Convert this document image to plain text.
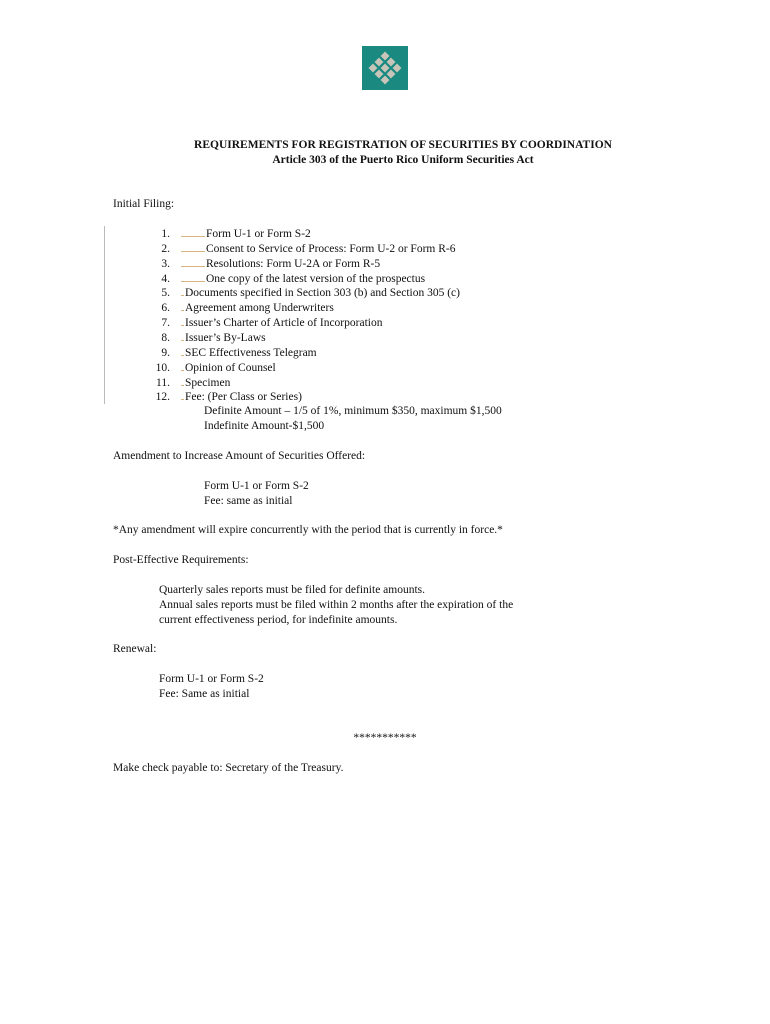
REQUIREMENTS FOR REGISTRATION OF SECURITIES BY COORDINATION
Article 303 of the Puerto Rico Uniform Securities Act
Initial Filing:
1.	Form U-1 or Form S-2
2.	Consent to Service of Process: Form U-2 or Form R-6
3.	Resolutions: Form U-2A or Form R-5
4.	One copy of the latest version of the prospectus
5.	Documents specified in Section 303 (b) and Section 305 (c)
6.	Agreement among Underwriters
7.	Issuer’s Charter of Article of Incorporation
8.	Issuer’s By-Laws
9.	SEC Effectiveness Telegram
10.	Opinion of Counsel
11.	Specimen
12.	Fee: (Per Class or Series)
Definite Amount – 1/5 of 1%, minimum $350, maximum $1,500
Indefinite Amount-$1,500
Amendment to Increase Amount of Securities Offered:
Form U-1 or Form S-2
Fee: same as initial
*Any amendment will expire concurrently with the period that is currently in force.*
Post-Effective Requirements:
Quarterly sales reports must be filed for definite amounts.
Annual sales reports must be filed within 2 months after the expiration of the
current effectiveness period, for indefinite amounts.
Renewal:
Form U-1 or Form S-2
Fee: Same as initial
***********
Make check payable to: Secretary of the Treasury.
